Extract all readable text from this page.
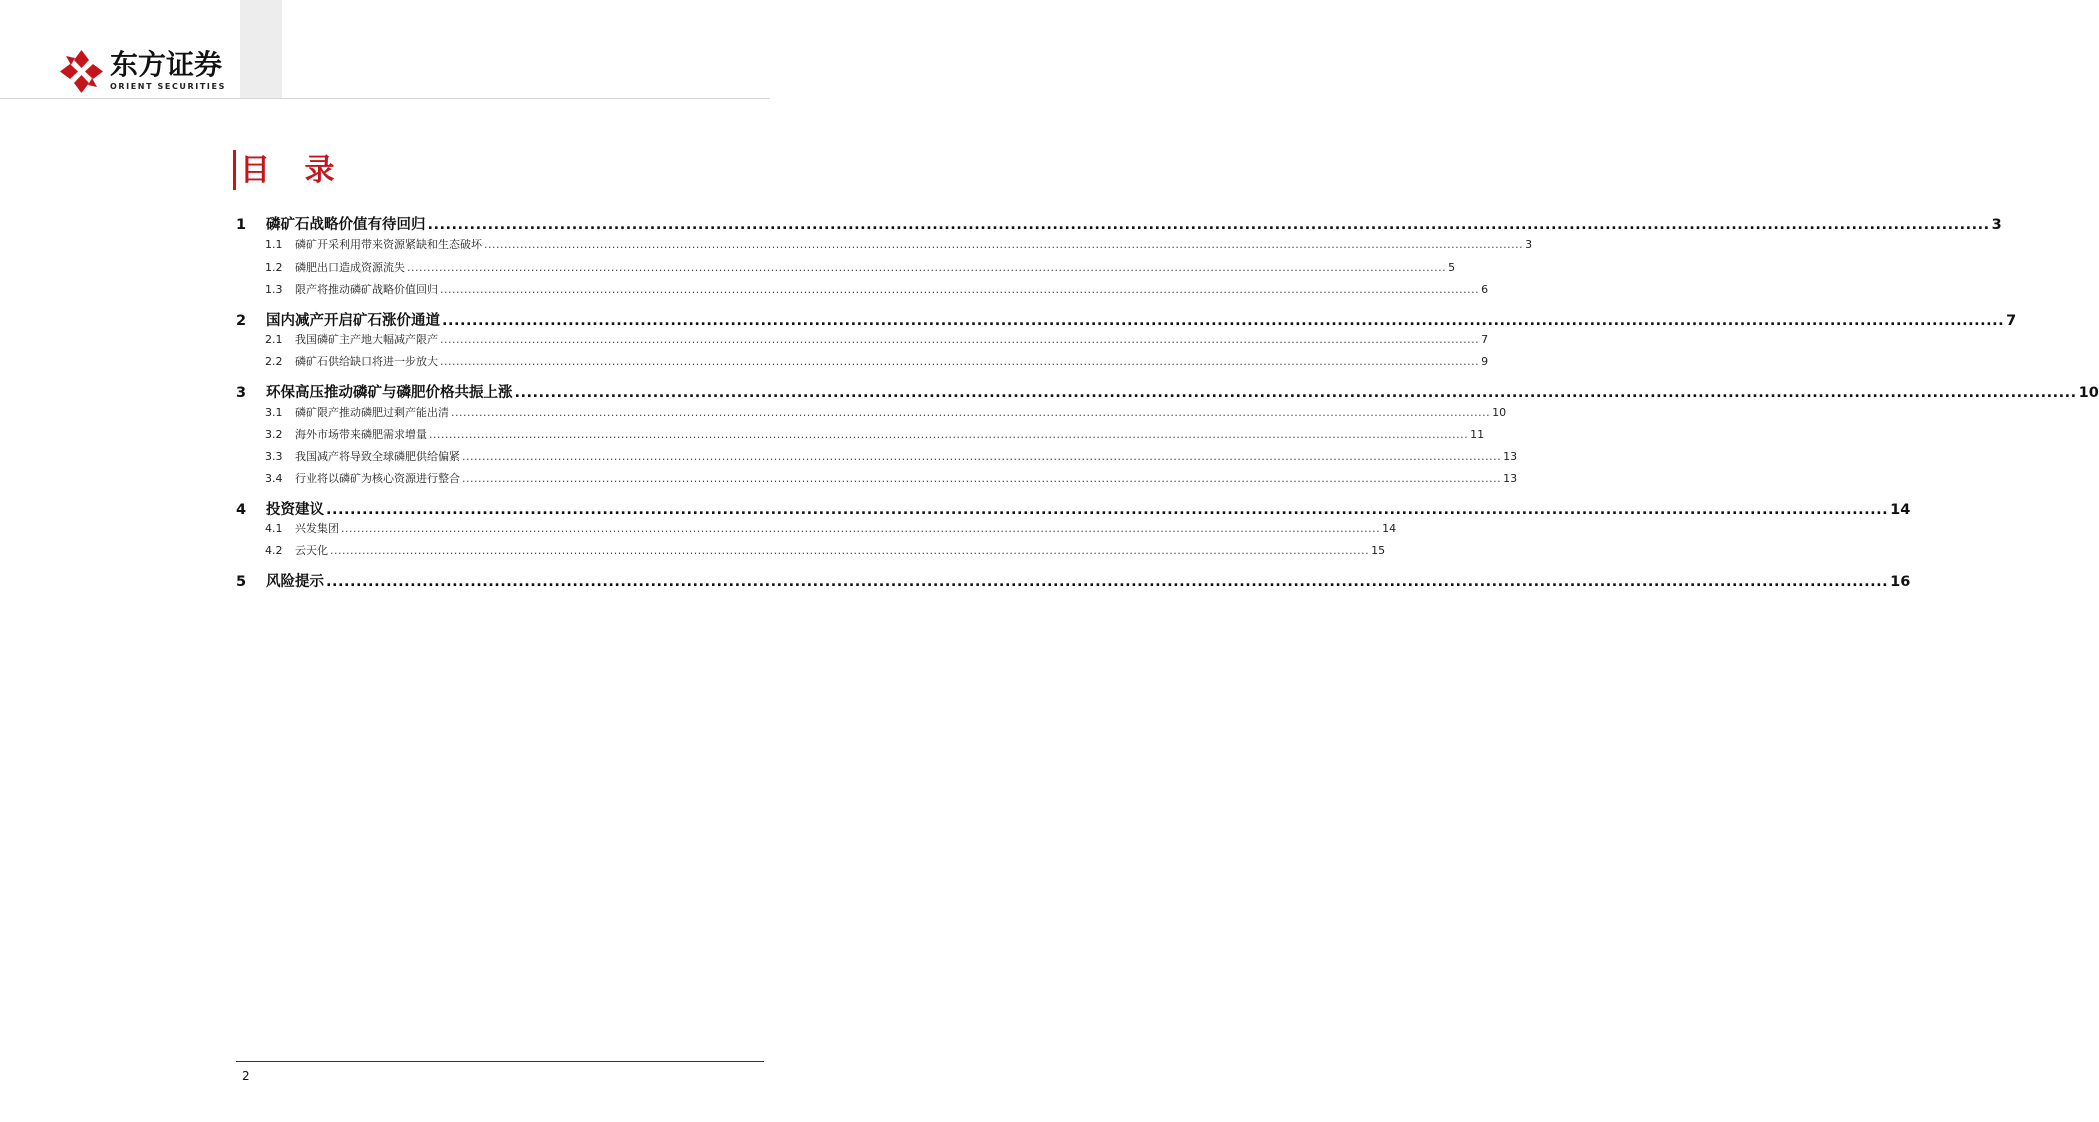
东方证券
ORIENT SECURITIES
目 录
1	磷矿石战略价值有待回归 .................................................................................................................................................................................................................................................................... 3
1.1	磷矿开采利用带来资源紧缺和生态破坏 .................................................................................................................................................................................................................................................................... 3
1.2	磷肥出口造成资源流失 .................................................................................................................................................................................................................................................................... 5
1.3	限产将推动磷矿战略价值回归 .................................................................................................................................................................................................................................................................... 6
2	国内减产开启矿石涨价通道 .................................................................................................................................................................................................................................................................... 7
2.1	我国磷矿主产地大幅减产限产 .................................................................................................................................................................................................................................................................... 7
2.2	磷矿石供给缺口将进一步放大 .................................................................................................................................................................................................................................................................... 9
3	环保高压推动磷矿与磷肥价格共振上涨 .................................................................................................................................................................................................................................................................... 10
3.1	磷矿限产推动磷肥过剩产能出清 .................................................................................................................................................................................................................................................................... 10
3.2	海外市场带来磷肥需求增量 .................................................................................................................................................................................................................................................................... 11
3.3	我国减产将导致全球磷肥供给偏紧 .................................................................................................................................................................................................................................................................... 13
3.4	行业将以磷矿为核心资源进行整合 .................................................................................................................................................................................................................................................................... 13
4	投资建议 .................................................................................................................................................................................................................................................................... 14
4.1	兴发集团 .................................................................................................................................................................................................................................................................... 14
4.2	云天化 .................................................................................................................................................................................................................................................................... 15
5	风险提示 .................................................................................................................................................................................................................................................................... 16
2
